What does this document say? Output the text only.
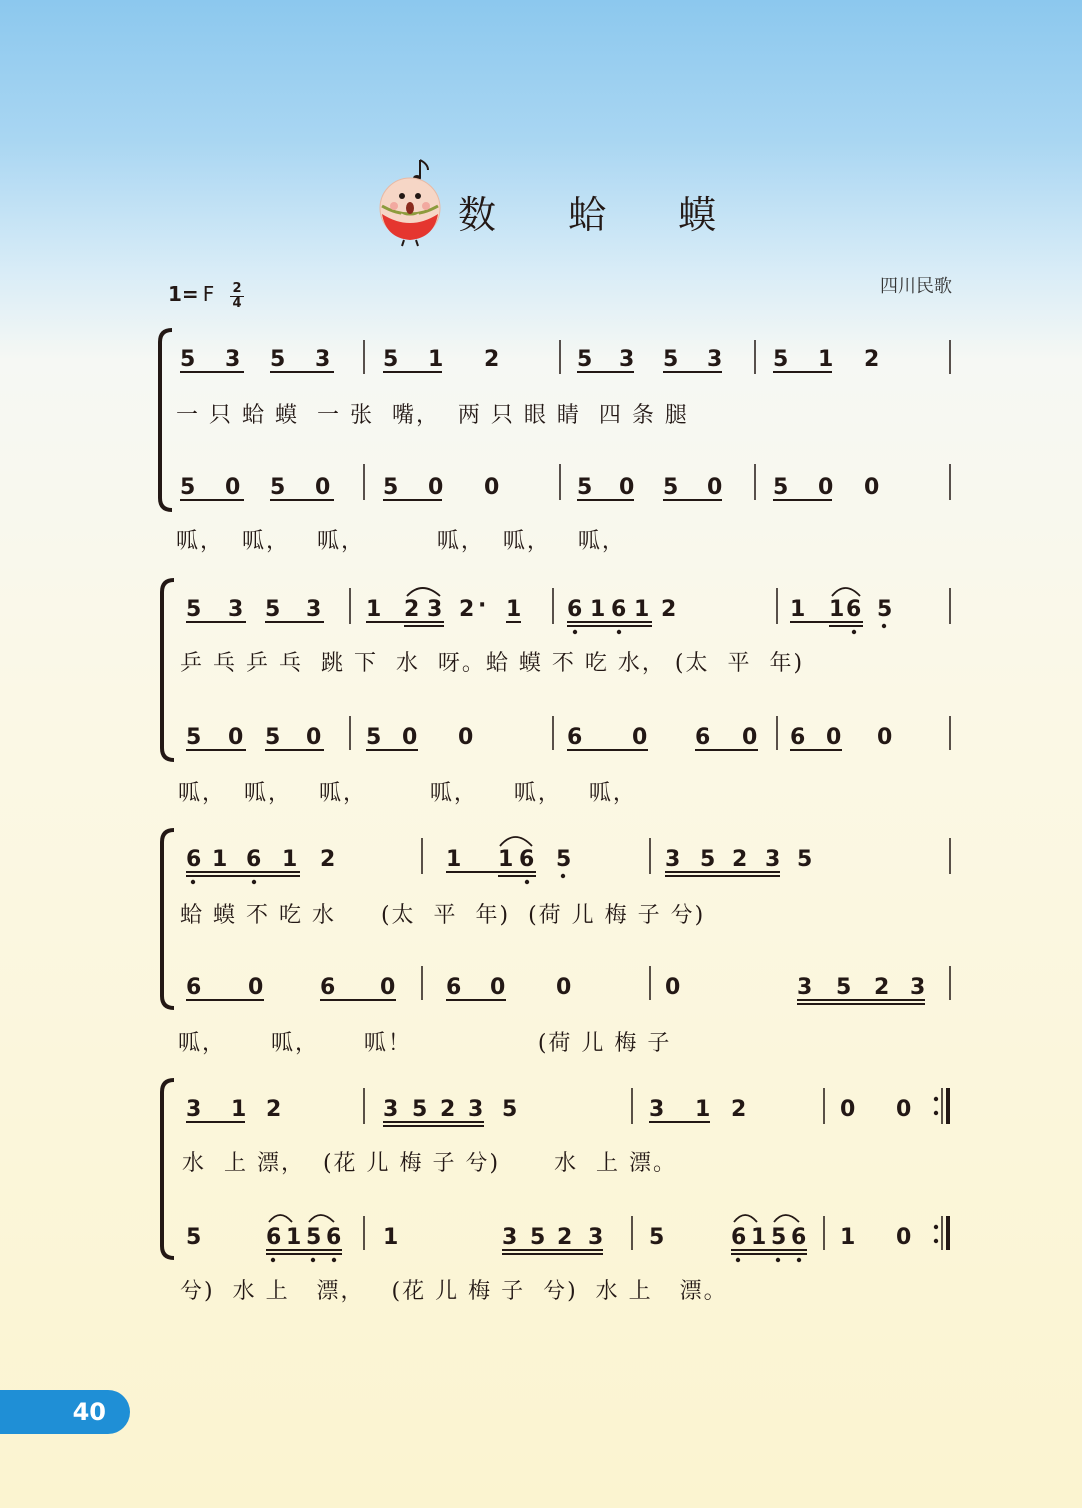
数 蛤 蟆
四川民歌
1= F 2
4
5 3 5 3 5 1 2	5 3 5 3 5 1 2
5 0 5 0 5 0 0	5 0 5 0 5 0 0
5 3 5 3 1 2 3 2 · 1 6 1 6 1 2	1 1 6 5
5 0 5 0 5 0 0	6 0 6 0 6 0 0
6 1 6 1 2	1 1 6 5	3 5 2 3 5
6 0	6 0 6 0 0	0	3 5 2 3
3 1 2	3 5 2 3 5	3 1 2	0 0
5	6 1 5 6 1	3 5 2 3 5	6 1 5 6 1 0
一 只 蛤 蟆  一 张  嘴，  两 只 眼 睛  四 条 腿
呱，  呱，   呱，        呱，  呱，   呱，
乒 乓 乒 乓  跳 下  水  呀。蛤 蟆 不 吃 水， (太  平  年)
呱，  呱，   呱，       呱，    呱，   呱，
蛤 蟆 不 吃 水     (太  平  年)  (荷 儿 梅 子 兮)
呱，     呱，     呱！              (荷 儿 梅 子
水  上 漂，  (花 儿 梅 子 兮)      水  上 漂。
兮)  水 上   漂，   (花 儿 梅 子  兮)  水 上   漂。
40
